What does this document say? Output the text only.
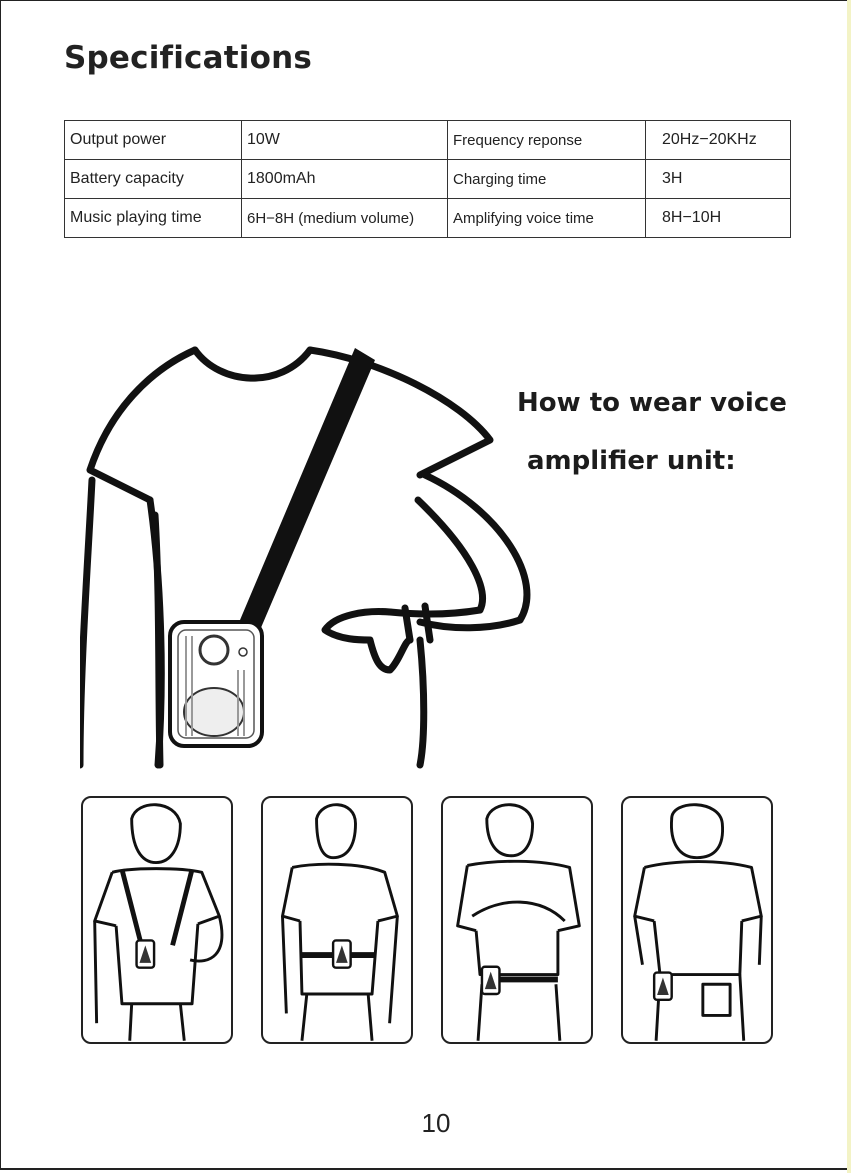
Specifications
Output power	10W	Frequency reponse	20Hz−20KHz
Battery capacity	1800mAh	Charging time	3H
Music playing time	6H−8H (medium volume)	Amplifying voice time	8H−10H
How to wear voice
amplifier unit:
10
